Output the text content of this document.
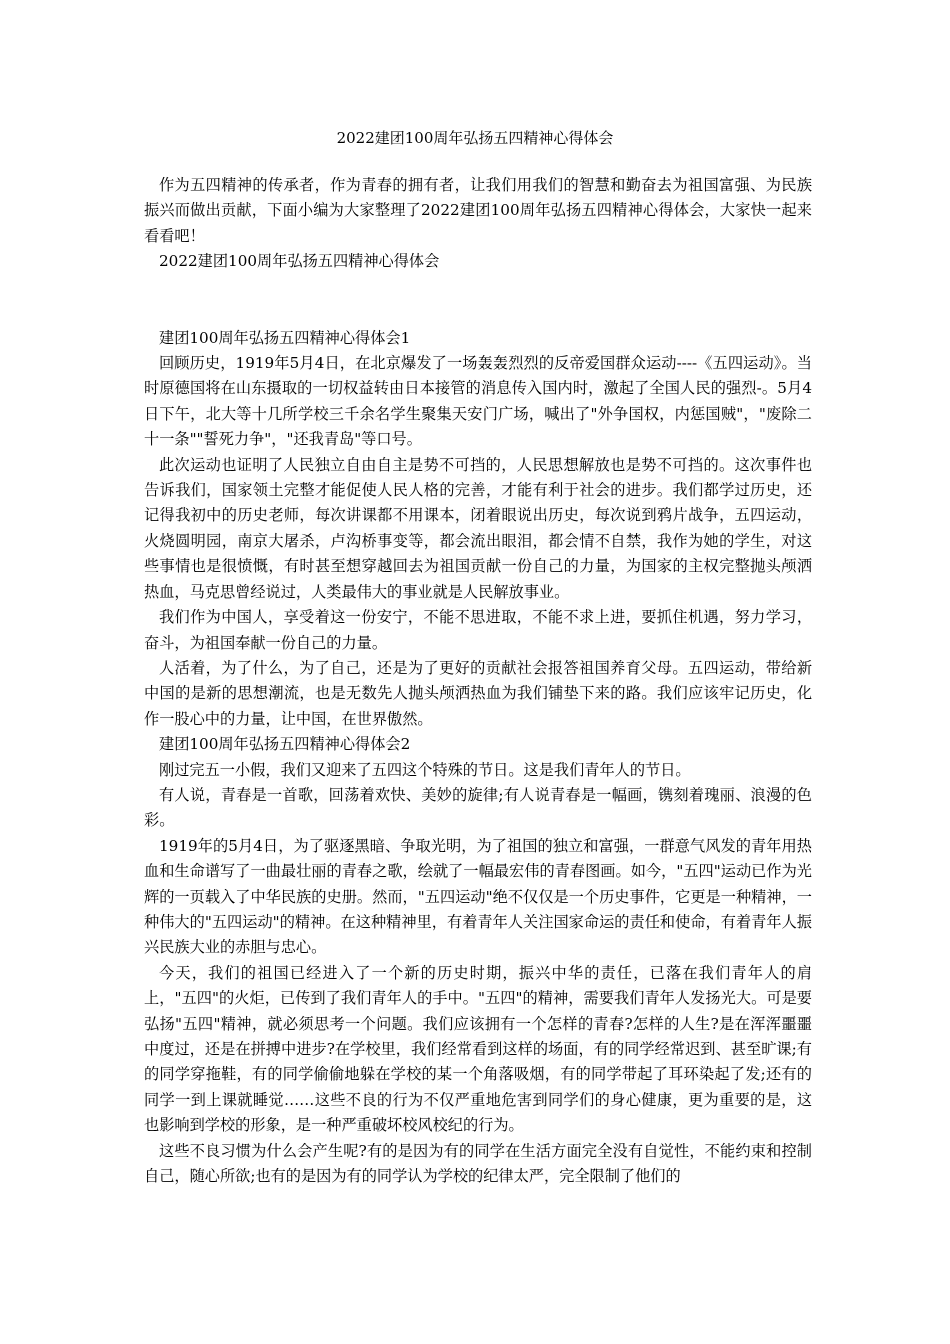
2022建团100周年弘扬五四精神心得体会

作为五四精神的传承者，作为青春的拥有者，让我们用我们的智慧和勤奋去为祖国富强、为民族振兴而做出贡献，下面小编为大家整理了2022建团100周年弘扬五四精神心得体会，大家快一起来看看吧！

2022建团100周年弘扬五四精神心得体会

建团100周年弘扬五四精神心得体会1

回顾历史，1919年5月4日，在北京爆发了一场轰轰烈烈的反帝爱国群众运动----《五四运动》。当时原德国将在山东摄取的一切权益转由日本接管的消息传入国内时，激起了全国人民的强烈-。5月4日下午，北大等十几所学校三千余名学生聚集天安门广场，喊出了"外争国权，内惩国贼"，"废除二十一条""誓死力争"，"还我青岛"等口号。

此次运动也证明了人民独立自由自主是势不可挡的，人民思想解放也是势不可挡的。这次事件也告诉我们，国家领土完整才能促使人民人格的完善，才能有利于社会的进步。我们都学过历史，还记得我初中的历史老师，每次讲课都不用课本，闭着眼说出历史，每次说到鸦片战争，五四运动，火烧圆明园，南京大屠杀，卢沟桥事变等，都会流出眼泪，都会情不自禁，我作为她的学生，对这些事情也是很愤慨，有时甚至想穿越回去为祖国贡献一份自己的力量，为国家的主权完整抛头颅洒热血，马克思曾经说过，人类最伟大的事业就是人民解放事业。

我们作为中国人，享受着这一份安宁，不能不思进取，不能不求上进，要抓住机遇，努力学习，奋斗，为祖国奉献一份自己的力量。

人活着，为了什么，为了自己，还是为了更好的贡献社会报答祖国养育父母。五四运动，带给新中国的是新的思想潮流，也是无数先人抛头颅洒热血为我们铺垫下来的路。我们应该牢记历史，化作一股心中的力量，让中国，在世界傲然。

建团100周年弘扬五四精神心得体会2

刚过完五一小假，我们又迎来了五四这个特殊的节日。这是我们青年人的节日。

有人说，青春是一首歌，回荡着欢快、美妙的旋律;有人说青春是一幅画，镌刻着瑰丽、浪漫的色彩。

1919年的5月4日，为了驱逐黑暗、争取光明，为了祖国的独立和富强，一群意气风发的青年用热血和生命谱写了一曲最壮丽的青春之歌，绘就了一幅最宏伟的青春图画。如今，"五四"运动已作为光辉的一页载入了中华民族的史册。然而，"五四运动"绝不仅仅是一个历史事件，它更是一种精神，一种伟大的"五四运动"的精神。在这种精神里，有着青年人关注国家命运的责任和使命，有着青年人振兴民族大业的赤胆与忠心。

今天，我们的祖国已经进入了一个新的历史时期，振兴中华的责任，已落在我们青年人的肩上，"五四"的火炬，已传到了我们青年人的手中。"五四"的精神，需要我们青年人发扬光大。可是要弘扬"五四"精神，就必须思考一个问题。我们应该拥有一个怎样的青春?怎样的人生?是在浑浑噩噩中度过，还是在拼搏中进步?在学校里，我们经常看到这样的场面，有的同学经常迟到、甚至旷课;有的同学穿拖鞋，有的同学偷偷地躲在学校的某一个角落吸烟，有的同学带起了耳环染起了发;还有的同学一到上课就睡觉……这些不良的行为不仅严重地危害到同学们的身心健康，更为重要的是，这也影响到学校的形象，是一种严重破坏校风校纪的行为。

这些不良习惯为什么会产生呢?有的是因为有的同学在生活方面完全没有自觉性，不能约束和控制自己，随心所欲;也有的是因为有的同学认为学校的纪律太严，完全限制了他们的
